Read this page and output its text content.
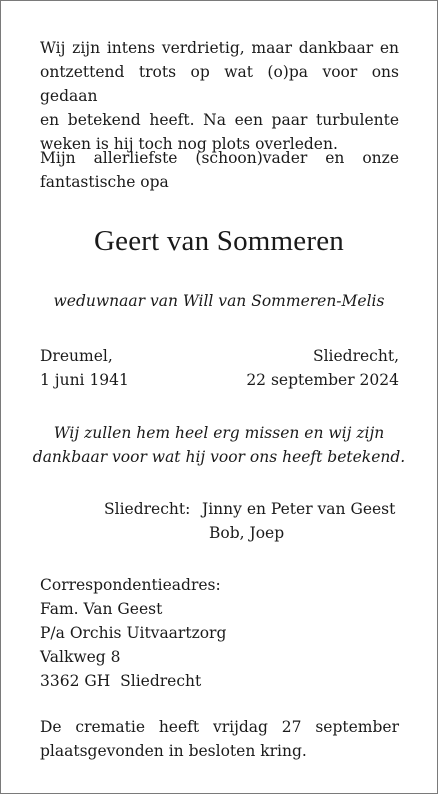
Wij zijn intens verdrietig, maar dankbaar en
ontzettend trots op wat (o)pa voor ons gedaan
en betekend heeft. Na een paar turbulente
weken is hij toch nog plots overleden.
Mijn allerliefste (schoon)vader en onze
fantastische opa
Geert van Sommeren
weduwnaar van Will van Sommeren-Melis
Dreumel,	Sliedrecht,
1 juni 1941	22 september 2024
Wij zullen hem heel erg missen en wij zijn
dankbaar voor wat hij voor ons heeft betekend.
Sliedrecht: Jinny en Peter van Geest
Bob, Joep
Correspondentieadres:
Fam. Van Geest
P/a Orchis Uitvaartzorg
Valkweg 8
3362 GH  Sliedrecht
De crematie heeft vrijdag 27 september
plaatsgevonden in besloten kring.
